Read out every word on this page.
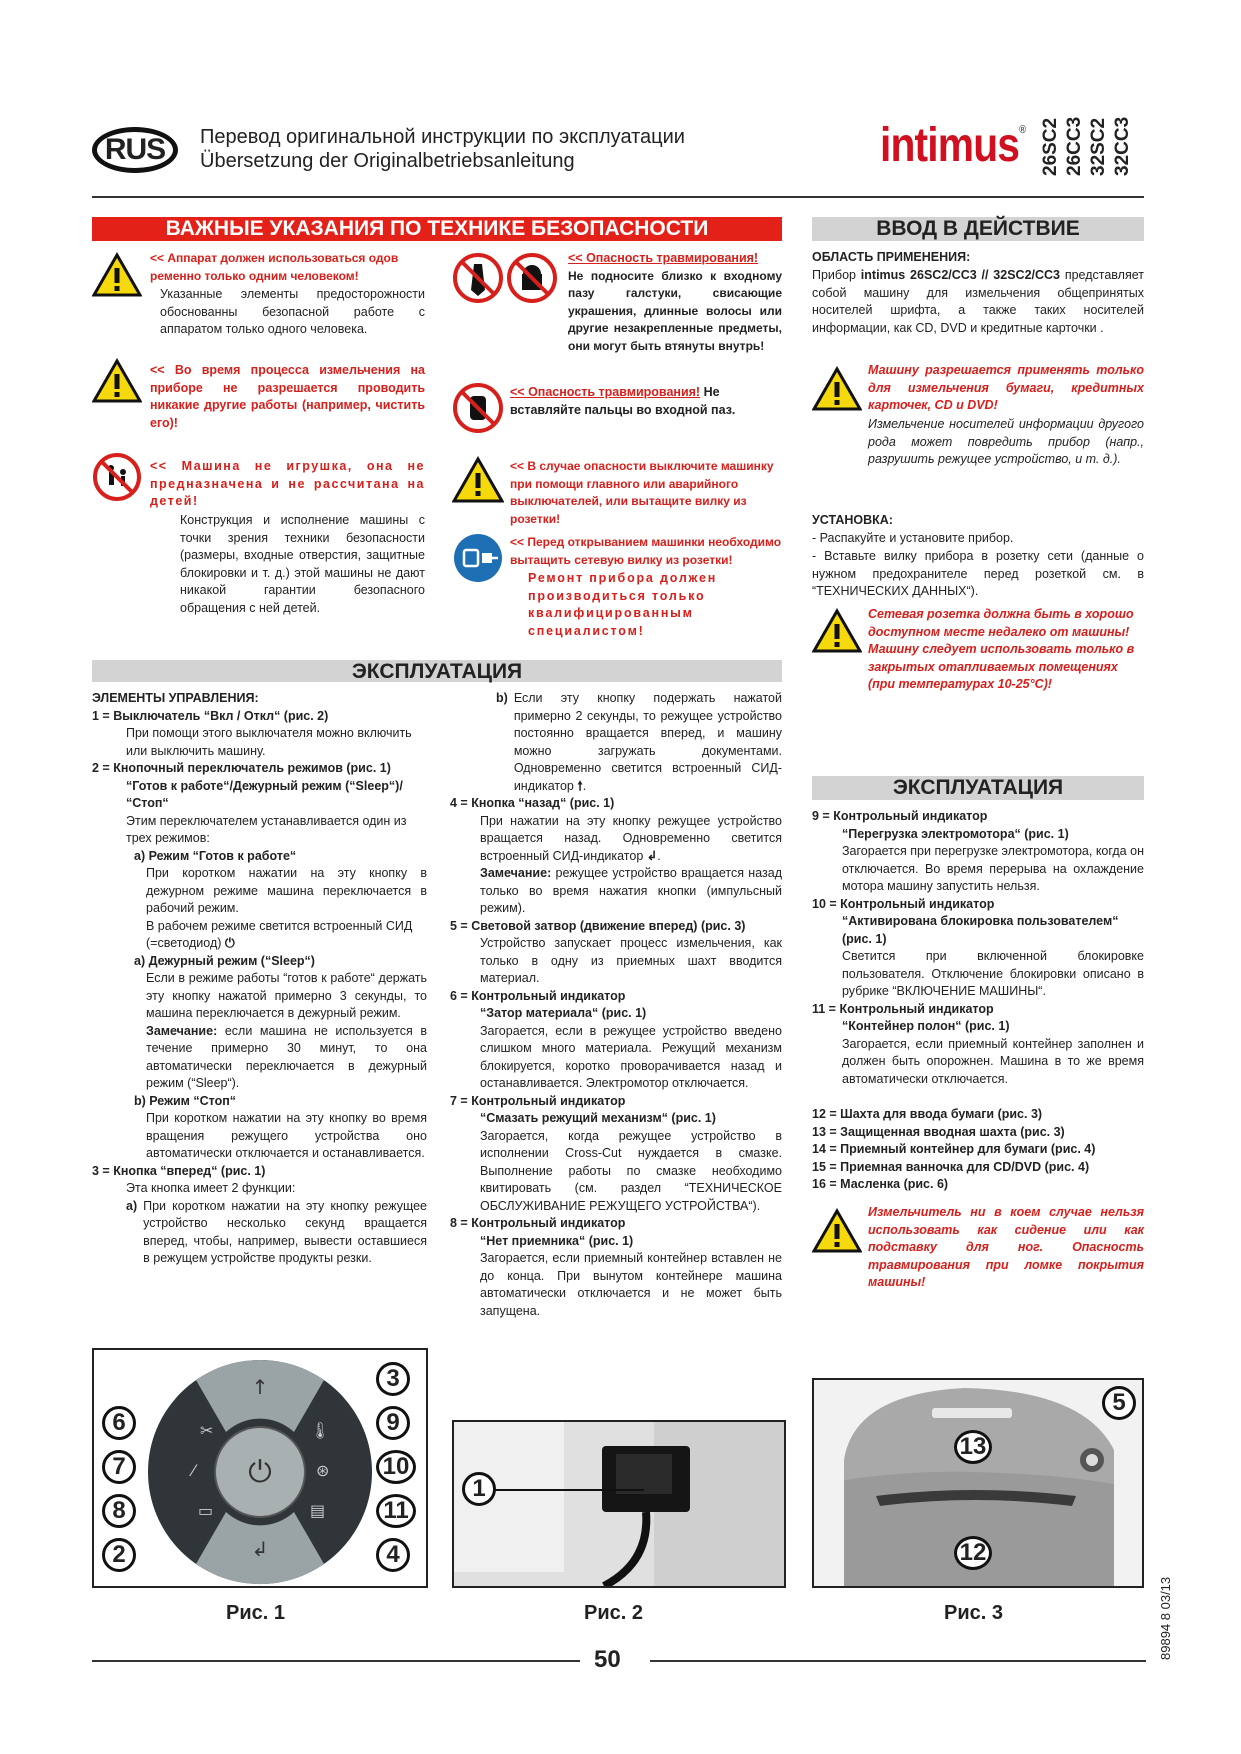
RUS	Перевод оригинальной инструкции по эксплуатации
Übersetzung der Originalbetriebsanleitung	intimus® 26SC2 26CC3 32SC2 32CC3
ВАЖНЫЕ УКАЗАНИЯ ПО ТЕХНИКЕ БЕЗОПАСНОСТИ
<< Аппарат должен использоваться одов ременно только одним человеком!
Указанные элементы предосторожности обоснованны безопасной работе с аппаратом только одного человека.
<< Во время процесса измельчения на приборе не разрешается проводить никакие другие работы (например, чистить его)!
<< Машина не игрушка, она не предназначена и не рассчитана на детей!
Конструкция и исполнение машины с точки зрения техники безопасности (размеры, входные отверстия, защитные блокировки и т. д.) этой машины не дают никакой гарантии безопасного обращения с ней детей.
<< Опасность травмирования!
Не подносите близко к входному пазу галстуки, свисающие украшения, длинные волосы или другие незакрепленные предметы, они могут быть втянуты внутрь!
<< Опасность травмирования! Не вставляйте пальцы во входной паз.
<< В случае опасности выключите машинку при помощи главного или аварийного выключателей, или вытащите вилку из розетки!
<< Перед открыванием машинки необходимо вытащить сетевую вилку из розетки!
Ремонт прибора должен производиться только квалифицированным специалистом!
ВВОД В ДЕЙСТВИЕ
ОБЛАСТЬ ПРИМЕНЕНИЯ:
Прибор intimus 26SC2/CC3 // 32SC2/CC3 представляет собой машину для измельчения общепринятых носителей шрифта, а также таких носителей информации, как CD, DVD и кредитные карточки .
Машину разрешается применять только для измельчения бумаги, кредитных карточек, CD и DVD!
Измельчение носителей информации другого рода может повредить прибор (напр., разрушить режущее устройство, и т. д.).
УСТАНОВКА:
- Распакуйте и установите прибор.
- Вставьте вилку прибора в розетку сети (данные о нужном предохранителе перед розеткой см. в “ТЕХНИЧЕСКИХ ДАННЫХ“).
Сетевая розетка должна быть в хорошо доступном месте недалеко от машины! Машину следует использовать только в закрытых отапливаемых помещениях (при температурах 10-25°C)!
ЭКСПЛУАТАЦИЯ
ЭЛЕМЕНТЫ УПРАВЛЕНИЯ:
1 = Выключатель “Вкл / Откл“ (рис. 2)
При помощи этого выключателя можно включить или выключить машину.
2 = Кнопочный переключатель режимов (рис. 1)
“Готов к работе“/Дежурный режим (“Sleep“)/ “Стоп“
Этим переключателем устанавливается один из трех режимов:
a) Режим “Готов к работе“
При коротком нажатии на эту кнопку в дежурном режиме машина переключается в рабочий режим.
В рабочем режиме светится встроенный СИД (=светодиод) ⏻
a) Дежурный режим (“Sleep“)
Если в режиме работы “готов к работе“ держать эту кнопку нажатой примерно 3 секунды, то машина переключается в дежурный режим.
Замечание: если машина не используется в течение примерно 30 минут, то она автоматически переключается в дежурный режим (“Sleep“).
b) Режим “Стоп“
При коротком нажатии на эту кнопку во время вращения режущего устройства оно автоматически отключается и останавливается.
3 = Кнопка “вперед“ (рис. 1)
Эта кнопка имеет 2 функции:
a) При коротком нажатии на эту кнопку режущее устройство несколько секунд вращается вперед, чтобы, например, вывести оставшиеся в режущем устройстве продукты резки.
b) Если эту кнопку подержать нажатой примерно 2 секунды, то режущее устройство постоянно вращается вперед, и машину можно загружать документами. Одновременно светится встроенный СИД-индикатор 🠕.
4 = Кнопка “назад“ (рис. 1)
При нажатии на эту кнопку режущее устройство вращается назад. Одновременно светится встроенный СИД-индикатор ↲.
Замечание: режущее устройство вращается назад только во время нажатия кнопки (импульсный режим).
5 = Световой затвор (движение вперед) (рис. 3)
Устройство запускает процесс измельчения, как только в одну из приемных шахт вводится материал.
6 = Контрольный индикатор
“Затор материала“ (рис. 1)
Загорается, если в режущее устройство введено слишком много материала. Режущий механизм блокируется, коротко проворачивается назад и останавливается. Электромотор отключается.
7 = Контрольный индикатор
“Смазать режущий механизм“ (рис. 1)
Загорается, когда режущее устройство в исполнении Cross-Cut нуждается в смазке. Выполнение работы по смазке необходимо квитировать (см. раздел “ТЕХНИЧЕСКОЕ ОБСЛУЖИВАНИЕ РЕЖУЩЕГО УСТРОЙСТВА“).
8 = Контрольный индикатор
“Нет приемника“ (рис. 1)
Загорается, если приемный контейнер вставлен не до конца. При вынутом контейнере машина автоматически отключается и не может быть запущена.
ЭКСПЛУАТАЦИЯ
9 = Контрольный индикатор
“Перегрузка электромотора“ (рис. 1)
Загорается при перегрузке электромотора, когда он отключается. Во время перерыва на охлаждение мотора машину запустить нельзя.
10 = Контрольный индикатор
“Активирована блокировка пользователем“ (рис. 1)
Светится при включенной блокировке пользователя. Отключение блокировки описано в рубрике “ВКЛЮЧЕНИЕ МАШИНЫ“.
11 = Контрольный индикатор
“Контейнер полон“ (рис. 1)
Загорается, если приемный контейнер заполнен и должен быть опорожнен. Машина в то же время автоматически отключается.
12 = Шахта для ввода бумаги (рис. 3)
13 = Защищенная вводная шахта (рис. 3)
14 = Приемный контейнер для бумаги (рис. 4)
15 = Приемная ванночка для CD/DVD (рис. 4)
16 = Масленка (рис. 6)
Измельчитель ни в коем случае нельзя использовать как сидение или как подставку для ног. Опасность травмирования при ломке покрытия машины!
⏻
↑
↲
✂
⁄
▭
🌡
⊛
▤
3
6	9
7	10
8	11
2	4
Рис. 1
1
Рис. 2
5
13
12
Рис. 3
50	89894 8 03/13
